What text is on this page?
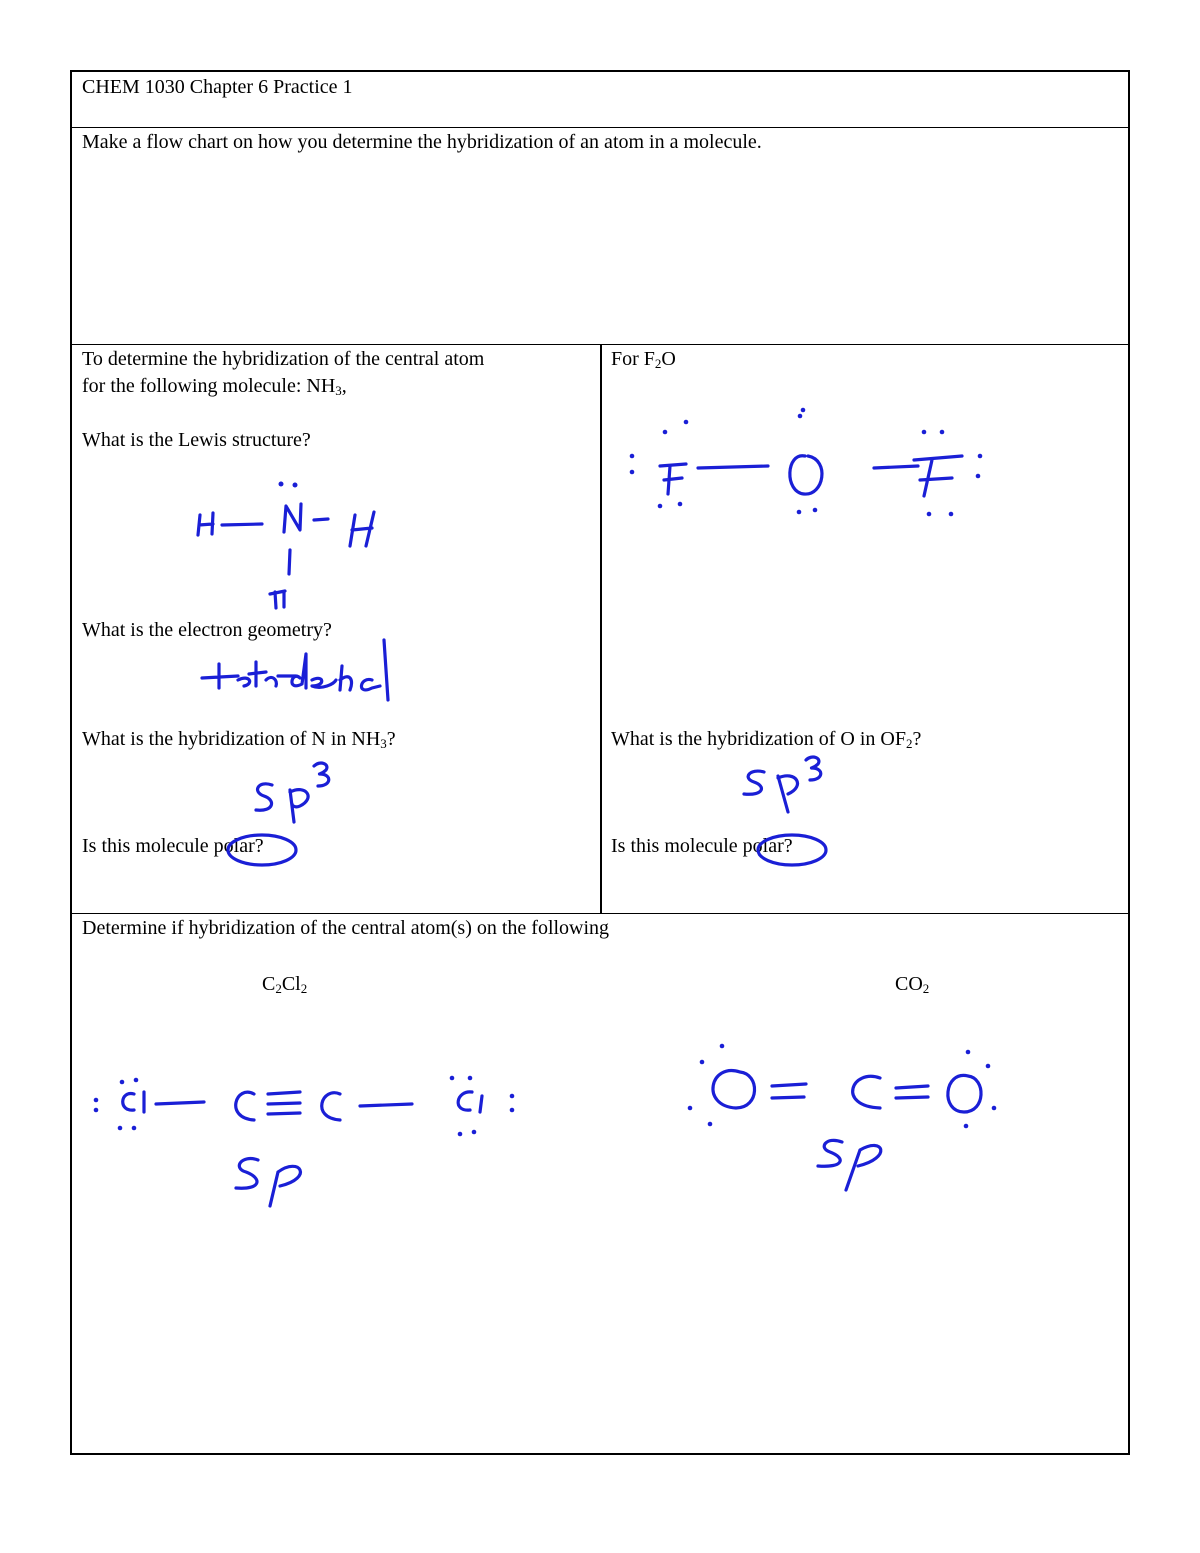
CHEM 1030 Chapter 6 Practice 1
Make a flow chart on how you determine the hybridization of an atom in a molecule.
To determine the hybridization of the central atom
for the following molecule: $NH_3$,
What is the Lewis structure?
What is the electron geometry?
What is the hybridization of N in $NH_3$?
Is this molecule polar?
For $F_2O$
What is the hybridization of O in $OF_2$?
Is this molecule polar?
Determine if hybridization of the central atom(s) on the following
$C_2Cl_2$	$CO_2$
